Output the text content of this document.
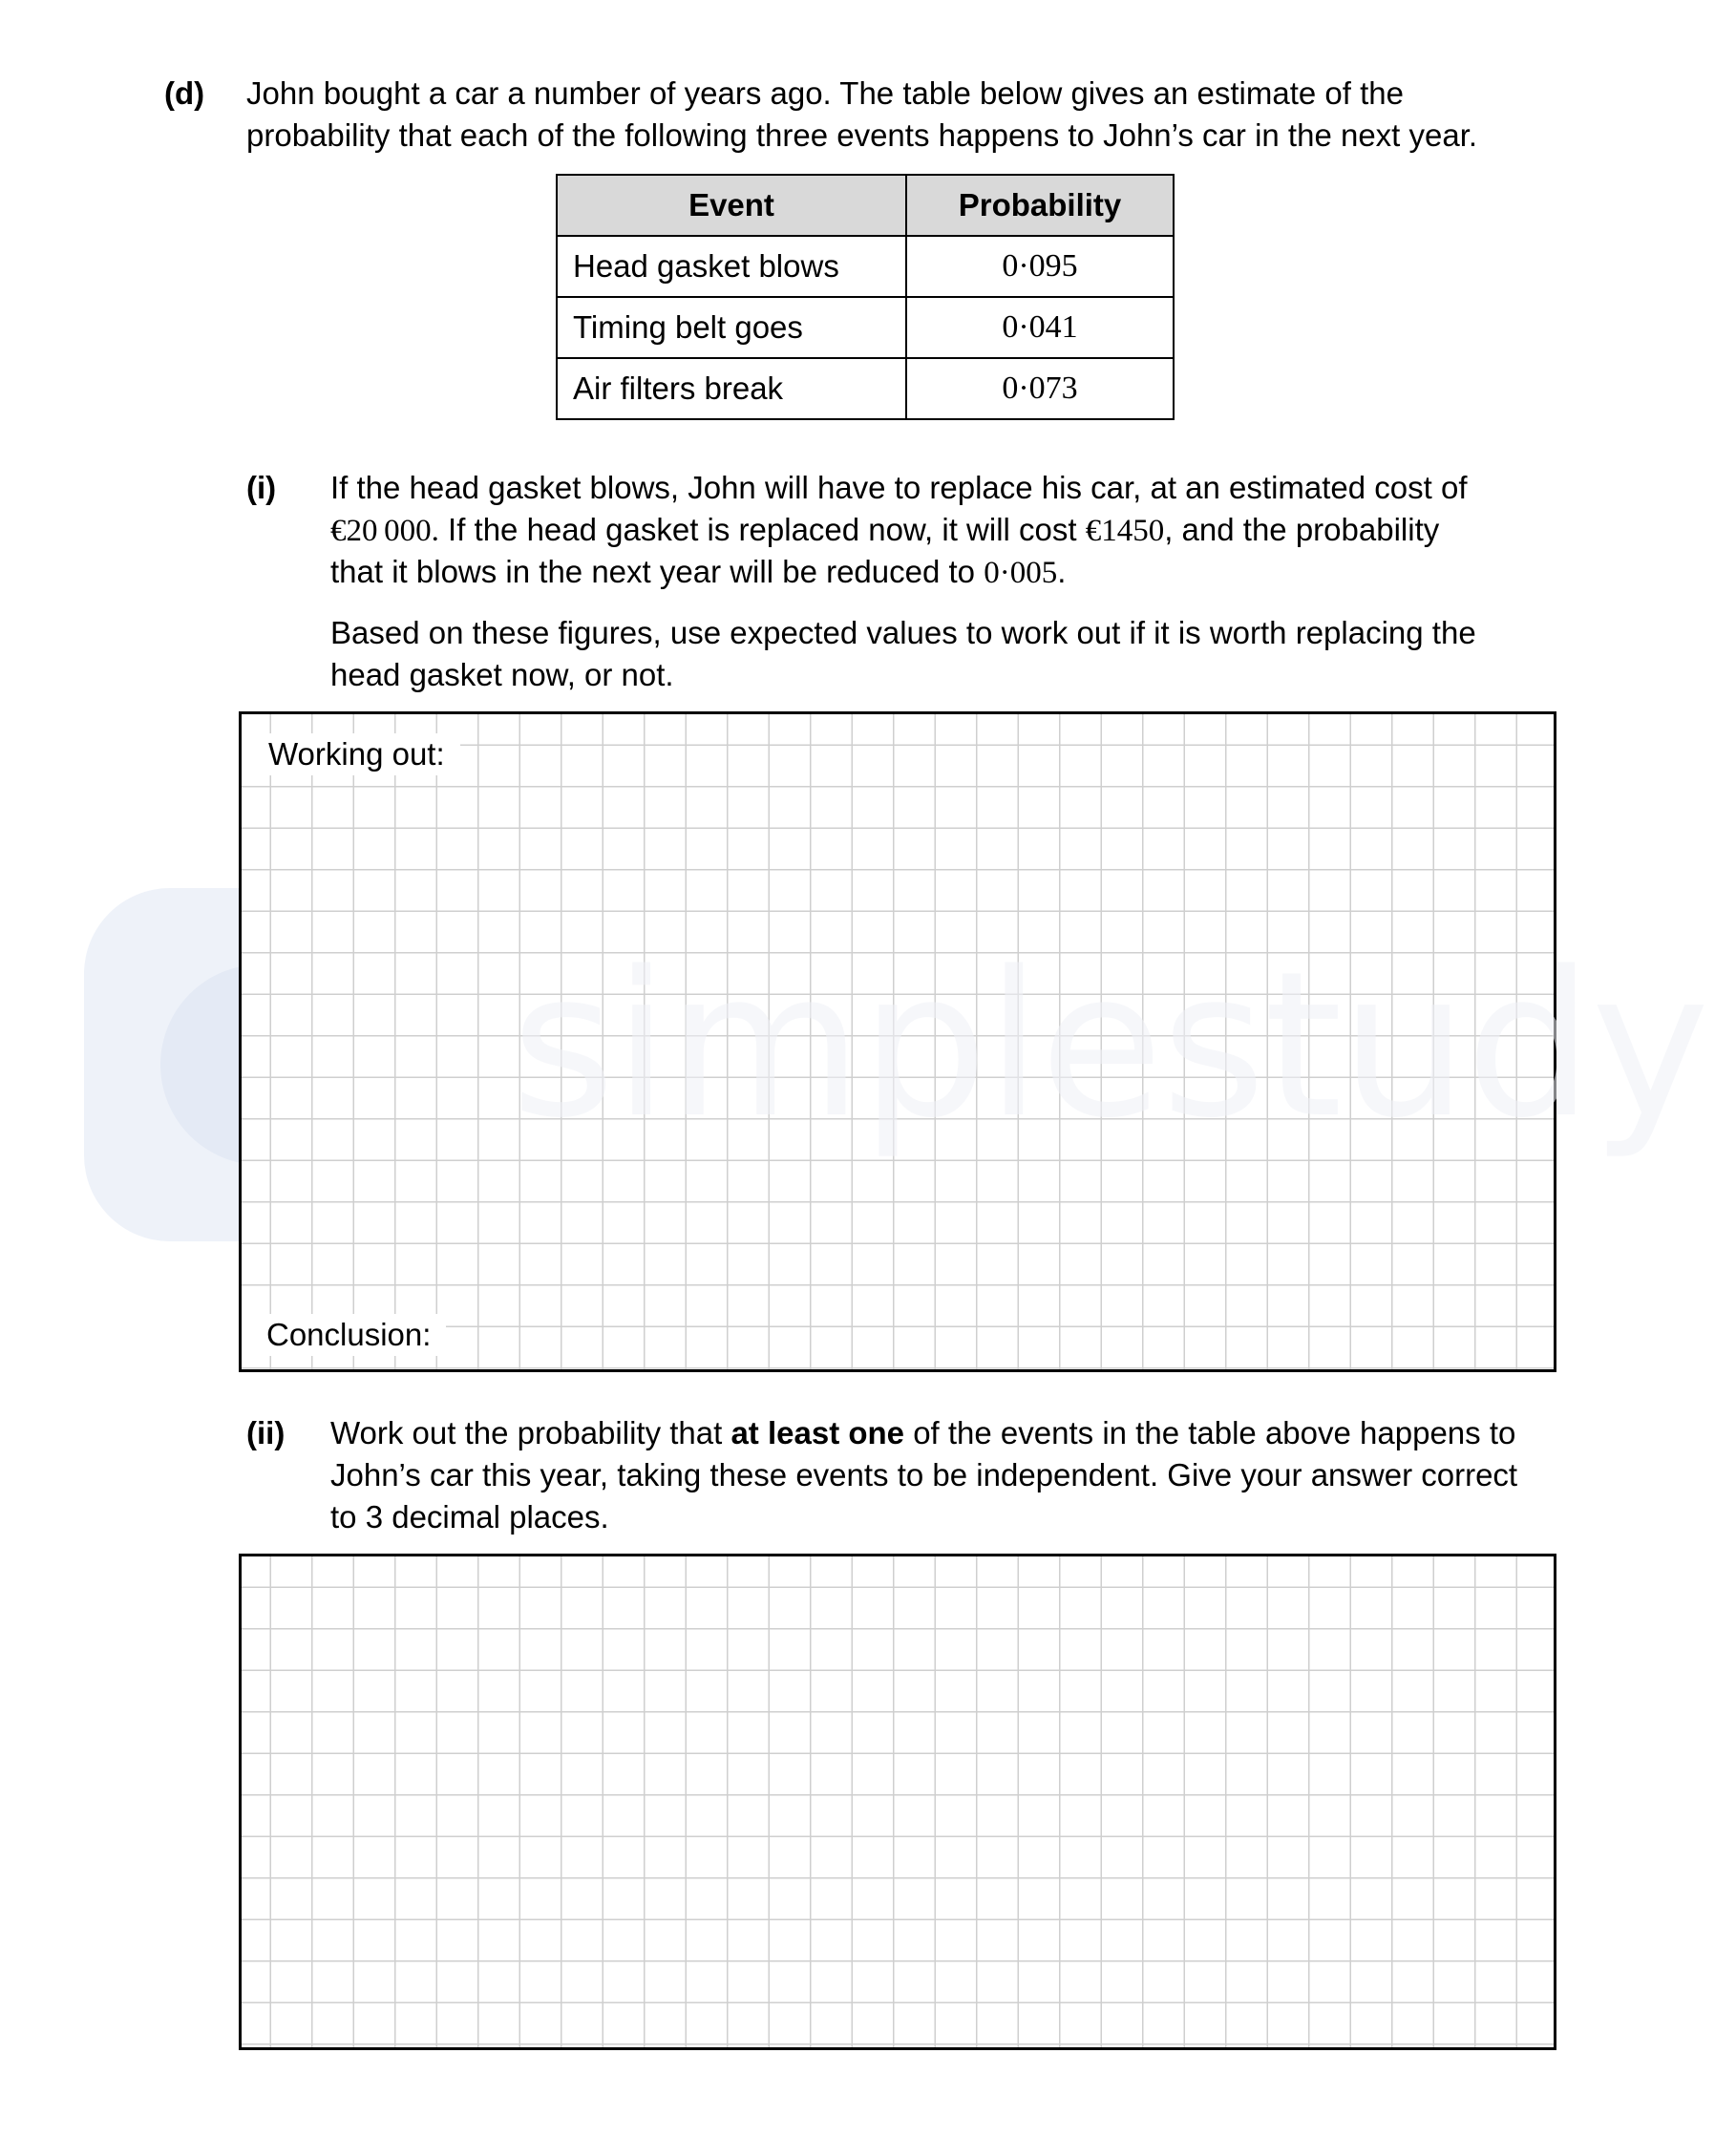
(d) John bought a car a number of years ago. The table below gives an estimate of the
probability that each of the following three events happens to John’s car in the next year.
Event	Probability
Head gasket blows	0·095
Timing belt goes	0·041
Air filters break	0·073
(i) If the head gasket blows, John will have to replace his car, at an estimated cost of
€20 000. If the head gasket is replaced now, it will cost €1450, and the probability
that it blows in the next year will be reduced to 0·005.
Based on these figures, use expected values to work out if it is worth replacing the
head gasket now, or not.
Working out:
Conclusion:
(ii) Work out the probability that at least one of the events in the table above happens to
John’s car this year, taking these events to be independent. Give your answer correct
to 3 decimal places.
simplestudy
